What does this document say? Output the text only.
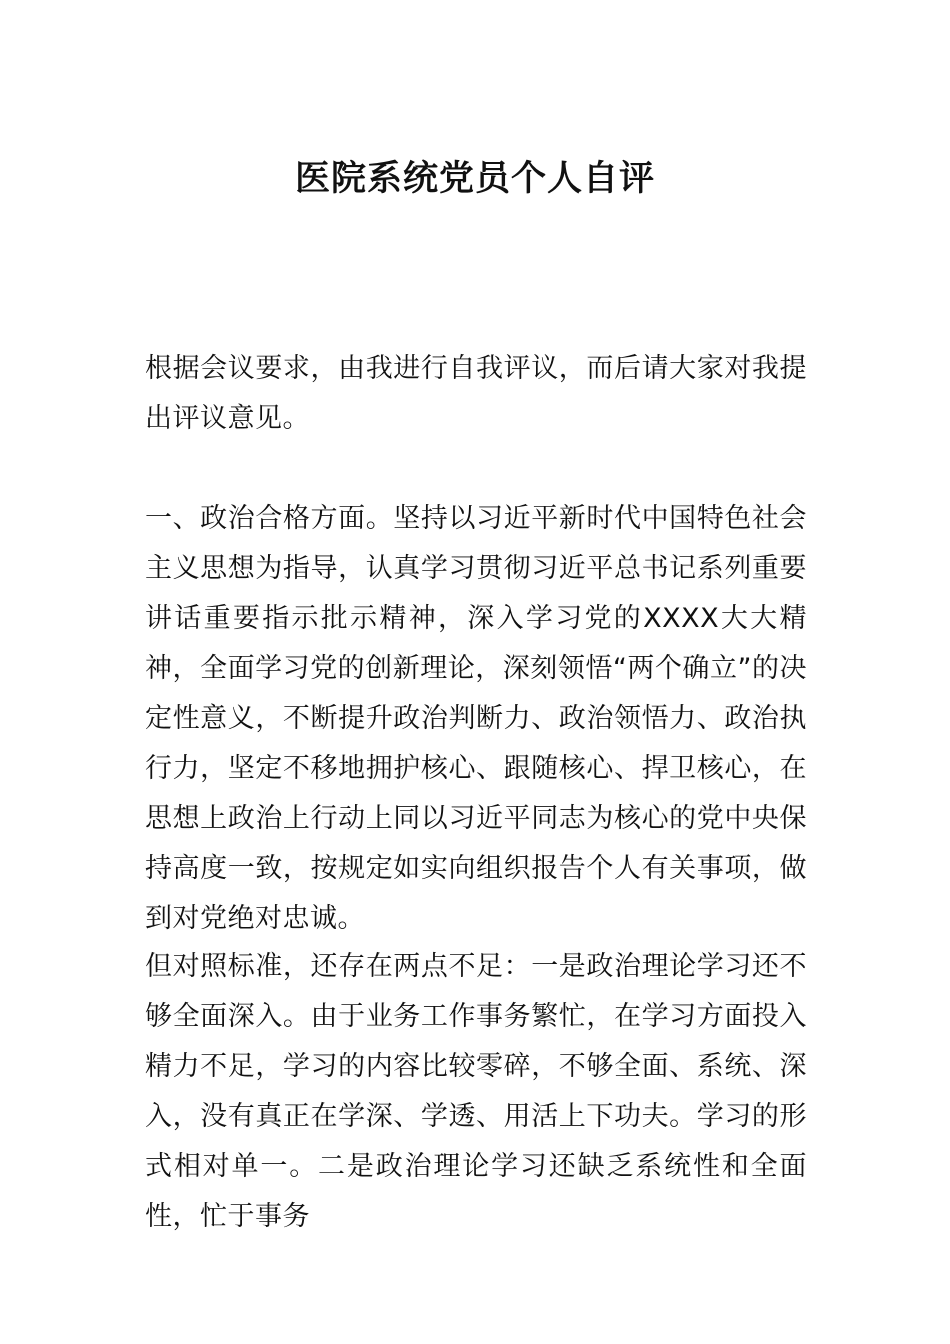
医院系统党员个人自评

根据会议要求，由我进行自我评议，而后请大家对我提出评议意见。

一、政治合格方面。坚持以习近平新时代中国特色社会主义思想为指导，认真学习贯彻习近平总书记系列重要讲话重要指示批示精神，深入学习党的XXXX大大精神，全面学习党的创新理论，深刻领悟“两个确立”的决定性意义，不断提升政治判断力、政治领悟力、政治执行力，坚定不移地拥护核心、跟随核心、捍卫核心，在思想上政治上行动上同以习近平同志为核心的党中央保持高度一致，按规定如实向组织报告个人有关事项，做到对党绝对忠诚。

但对照标准，还存在两点不足：一是政治理论学习还不够全面深入。由于业务工作事务繁忙，在学习方面投入精力不足，学习的内容比较零碎，不够全面、系统、深入，没有真正在学深、学透、用活上下功夫。学习的形式相对单一。二是政治理论学习还缺乏系统性和全面性，忙于事务
